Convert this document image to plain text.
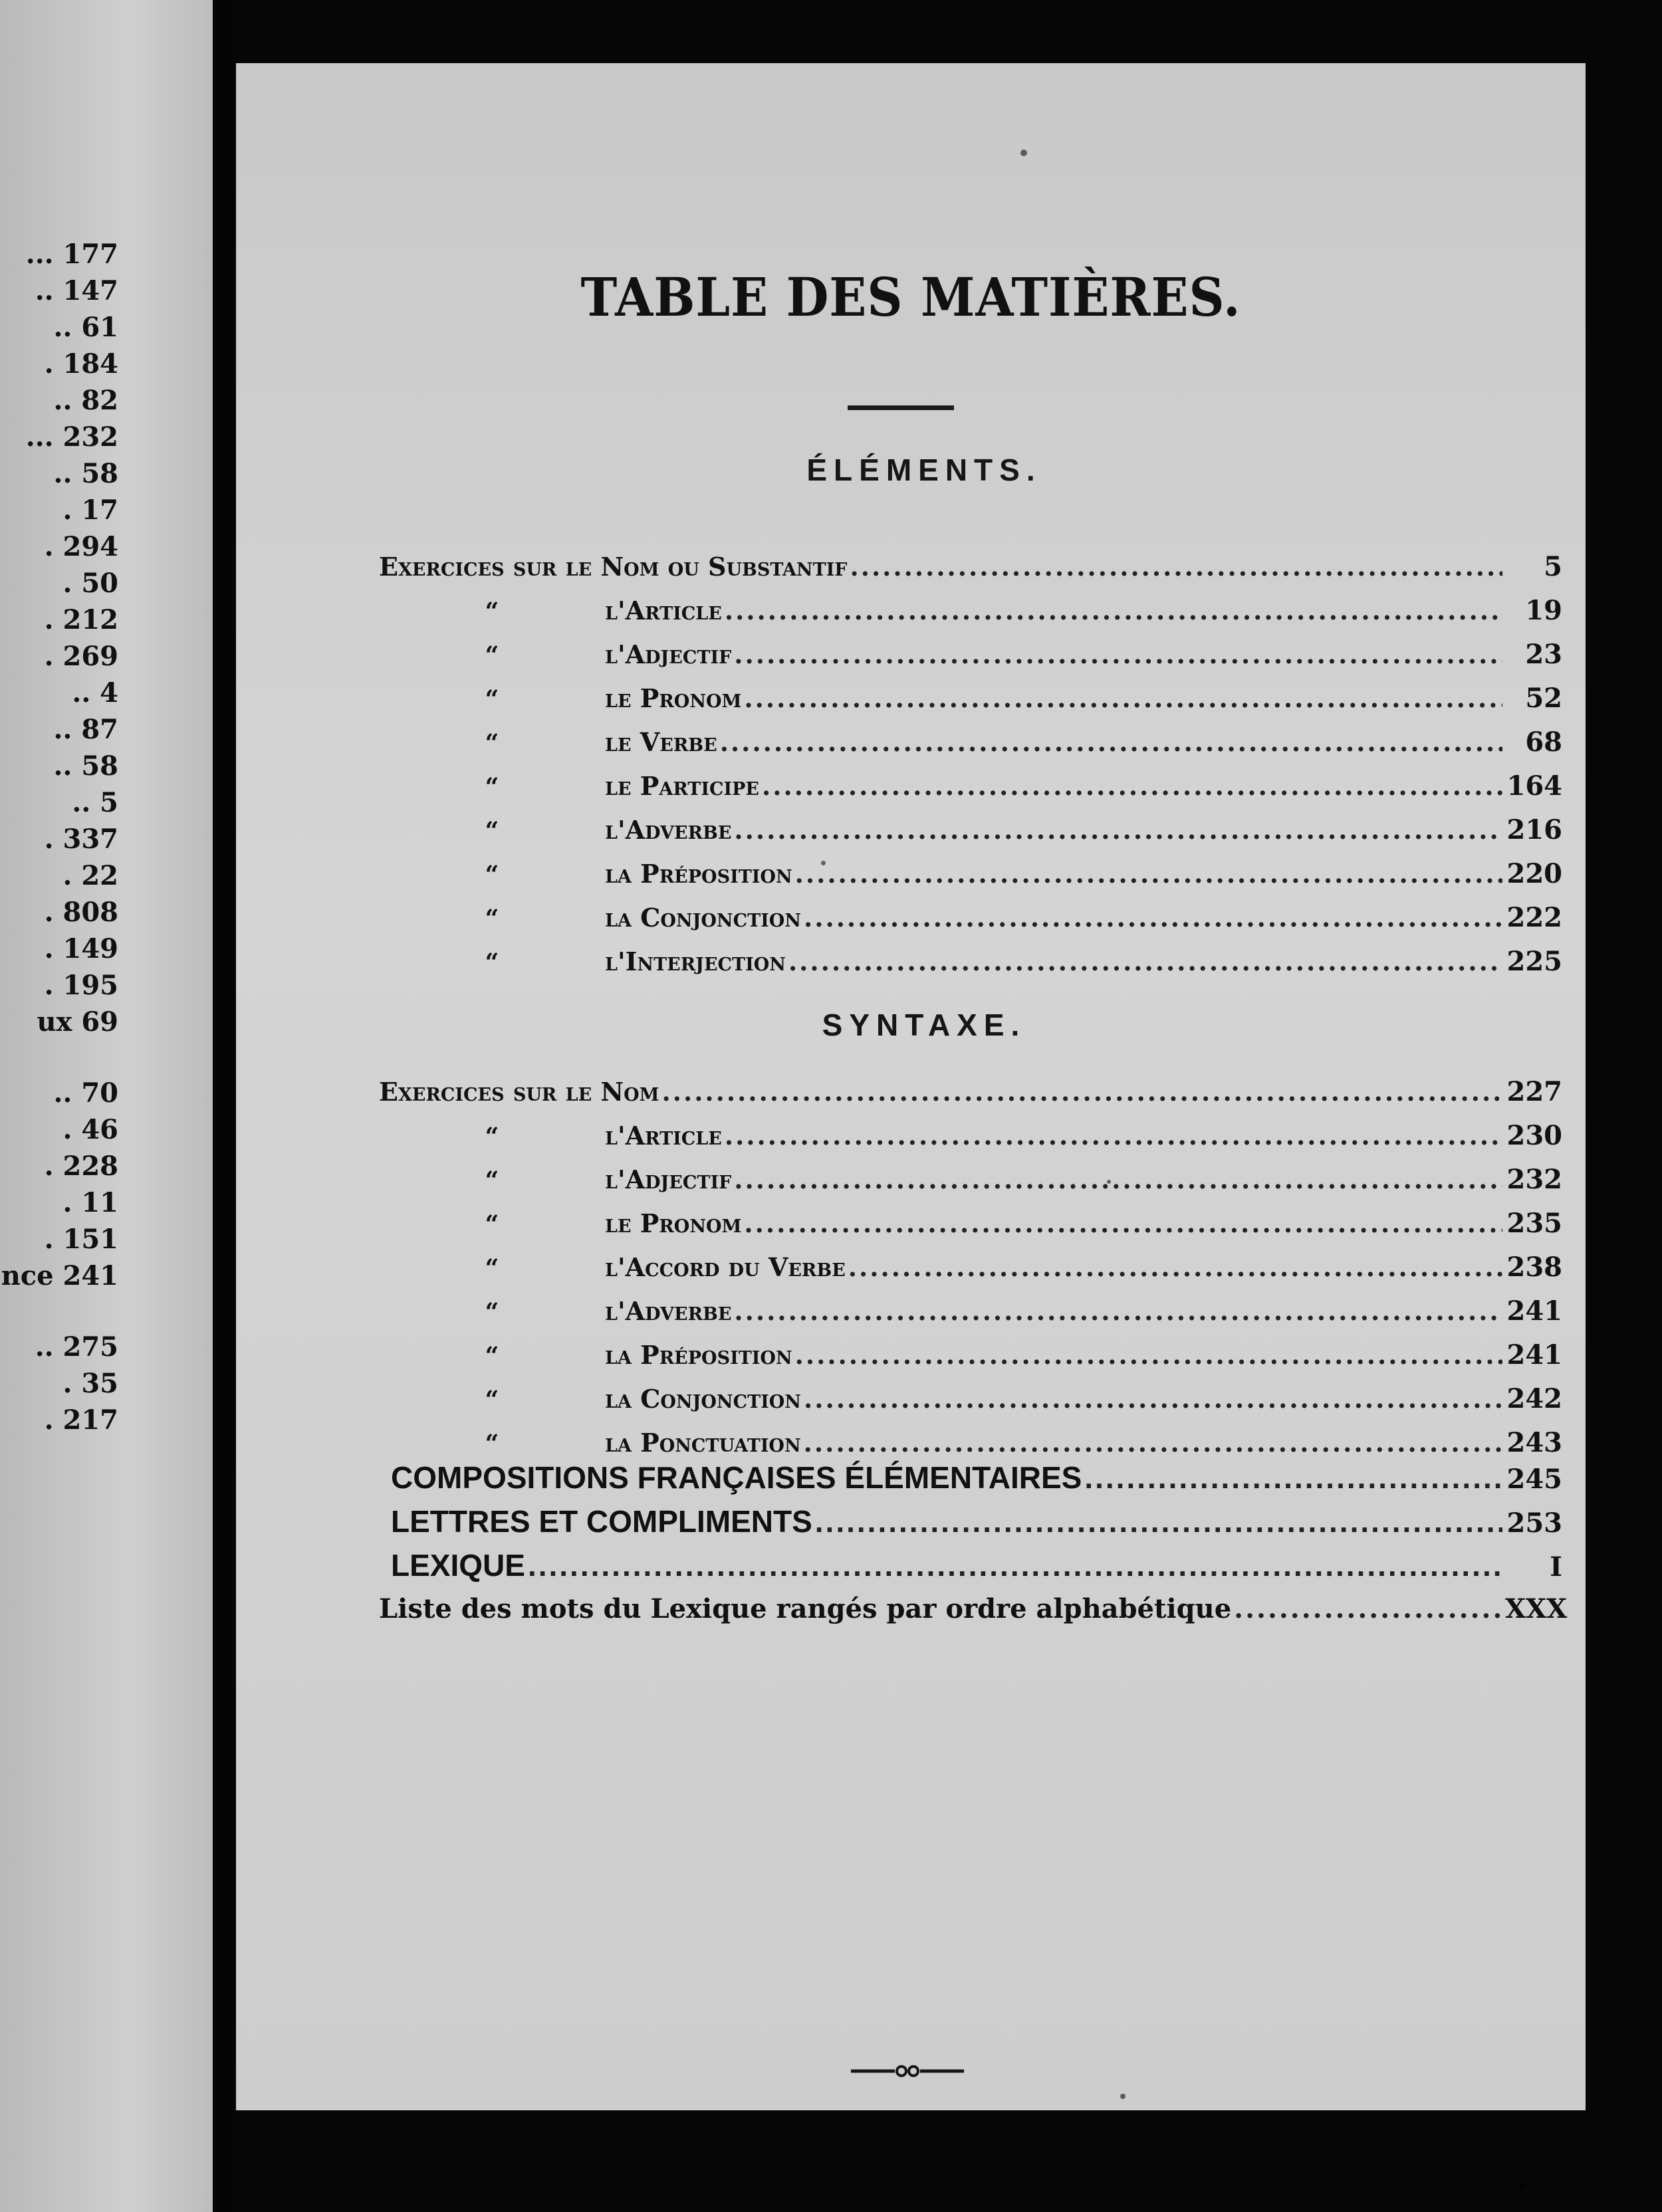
... 177
.. 147
.. 61
. 184
.. 82
... 232
.. 58
. 17
. 294
. 50
. 212
. 269
.. 4
.. 87
.. 58
.. 5
. 337
. 22
. 808
. 149
. 195
ux 69
.. 70
. 46
. 228
. 11
. 151
nce 241
.. 275
. 35
. 217
TABLE DES MATIÈRES.
ÉLÉMENTS.
Exercices sur
le Nom ou Substantif .....	5
“	l'Article .....	19
“	l'Adjectif .....	23
“	le Pronom .....	52
“	le Verbe .....	68
“	le Participe .....	164
“	l'Adverbe .....	216
“	la Préposition .....	220
“	la Conjonction .....	222
“	l'Interjection .....	225
SYNTAXE.
Exercices sur
le Nom .....	227
“	l'Article .....	230
“	l'Adjectif .....	232
“	le Pronom .....	235
“	l'Accord du Verbe .....	238
“	l'Adverbe .....	241
“	la Préposition .....	241
“	la Conjonction .....	242
“	la Ponctuation .....	243
COMPOSITIONS FRANÇAISES ÉLÉMENTAIRES .....	245
LETTRES ET COMPLIMENTS .....	253
LEXIQUE .....	I
Liste des mots du Lexique rangés par ordre alphabétique .....	XXX
